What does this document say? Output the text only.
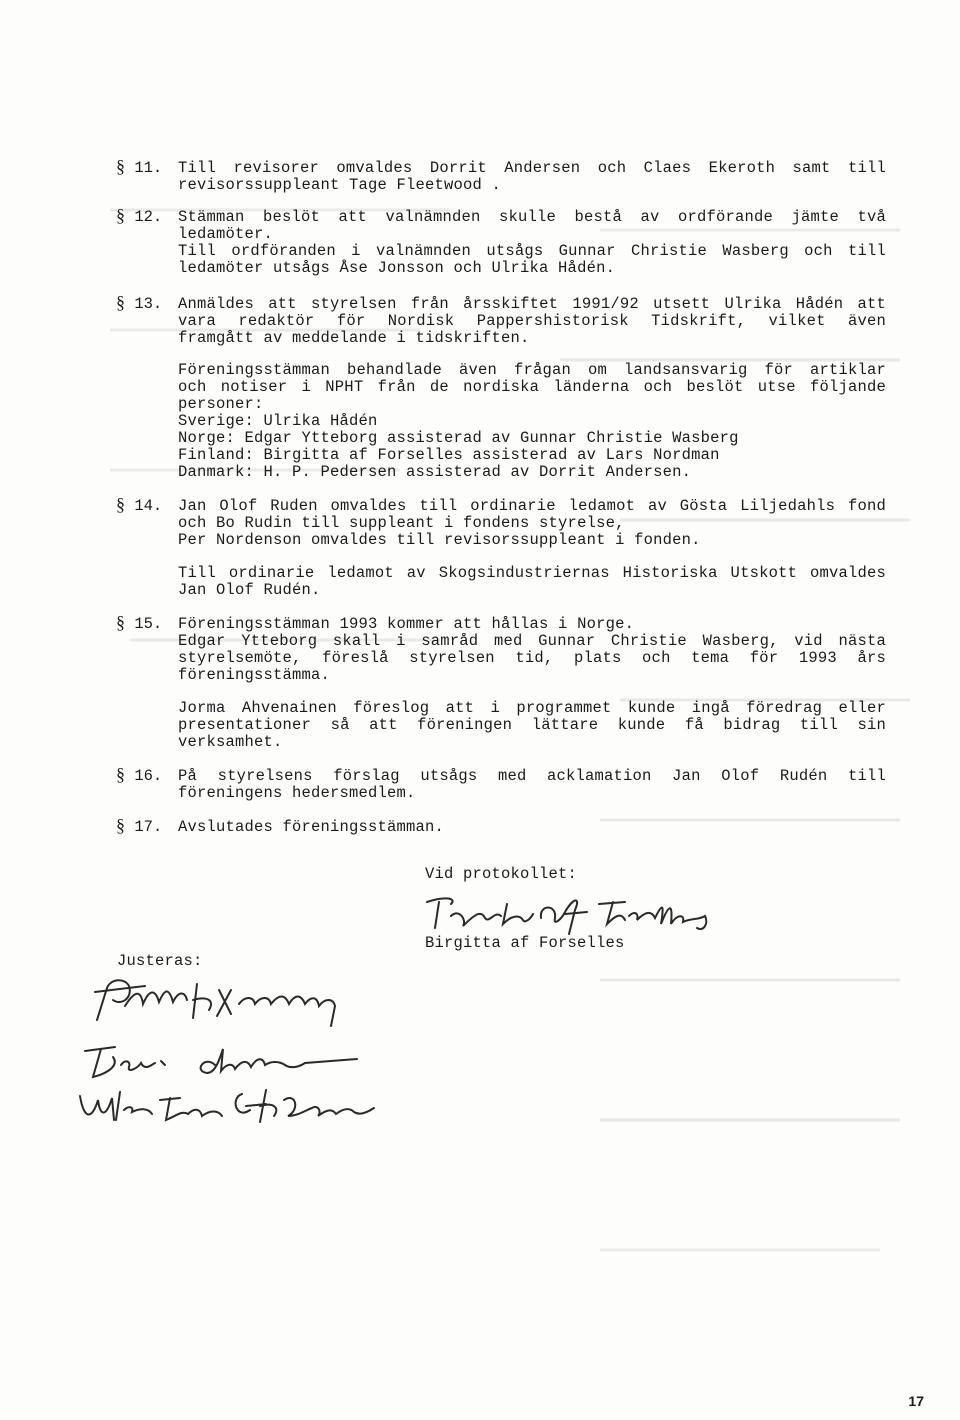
§ 11. Till revisorer omvaldes Dorrit Andersen och Claes Ekeroth samt till
revisorssuppleant Tage Fleetwood .
§ 12. Stämman beslöt att valnämnden skulle bestå av ordförande jämte två
ledamöter.
Till ordföranden i valnämnden utsågs Gunnar Christie Wasberg och till
ledamöter utsågs Åse Jonsson och Ulrika Hådén.
§ 13. Anmäldes att styrelsen från årsskiftet 1991/92 utsett Ulrika Hådén att
vara redaktör för Nordisk Pappershistorisk Tidskrift, vilket även
framgått av meddelande i tidskriften.
Föreningsstämman behandlade även frågan om landsansvarig för artiklar
och notiser i NPHT från de nordiska länderna och beslöt utse följande
personer:
Sverige: Ulrika Hådén
Norge: Edgar Ytteborg assisterad av Gunnar Christie Wasberg
Finland: Birgitta af Forselles assisterad av Lars Nordman
Danmark: H. P. Pedersen assisterad av Dorrit Andersen.
§ 14. Jan Olof Ruden omvaldes till ordinarie ledamot av Gösta Liljedahls fond
och Bo Rudin till suppleant i fondens styrelse,
Per Nordenson omvaldes till revisorssuppleant i fonden.
Till ordinarie ledamot av Skogsindustriernas Historiska Utskott omvaldes
Jan Olof Rudén.
§ 15. Föreningsstämman 1993 kommer att hållas i Norge.
Edgar Ytteborg skall i samråd med Gunnar Christie Wasberg, vid nästa
styrelsemöte, föreslå styrelsen tid, plats och tema för 1993 års
föreningsstämma.
Jorma Ahvenainen föreslog att i programmet kunde ingå föredrag eller
presentationer så att föreningen lättare kunde få bidrag till sin
verksamhet.
§ 16. På styrelsens förslag utsågs med acklamation Jan Olof Rudén till
föreningens hedersmedlem.
§ 17. Avslutades föreningsstämman.
Vid protokollet:
Birgitta af Forselles
Justeras:
17
